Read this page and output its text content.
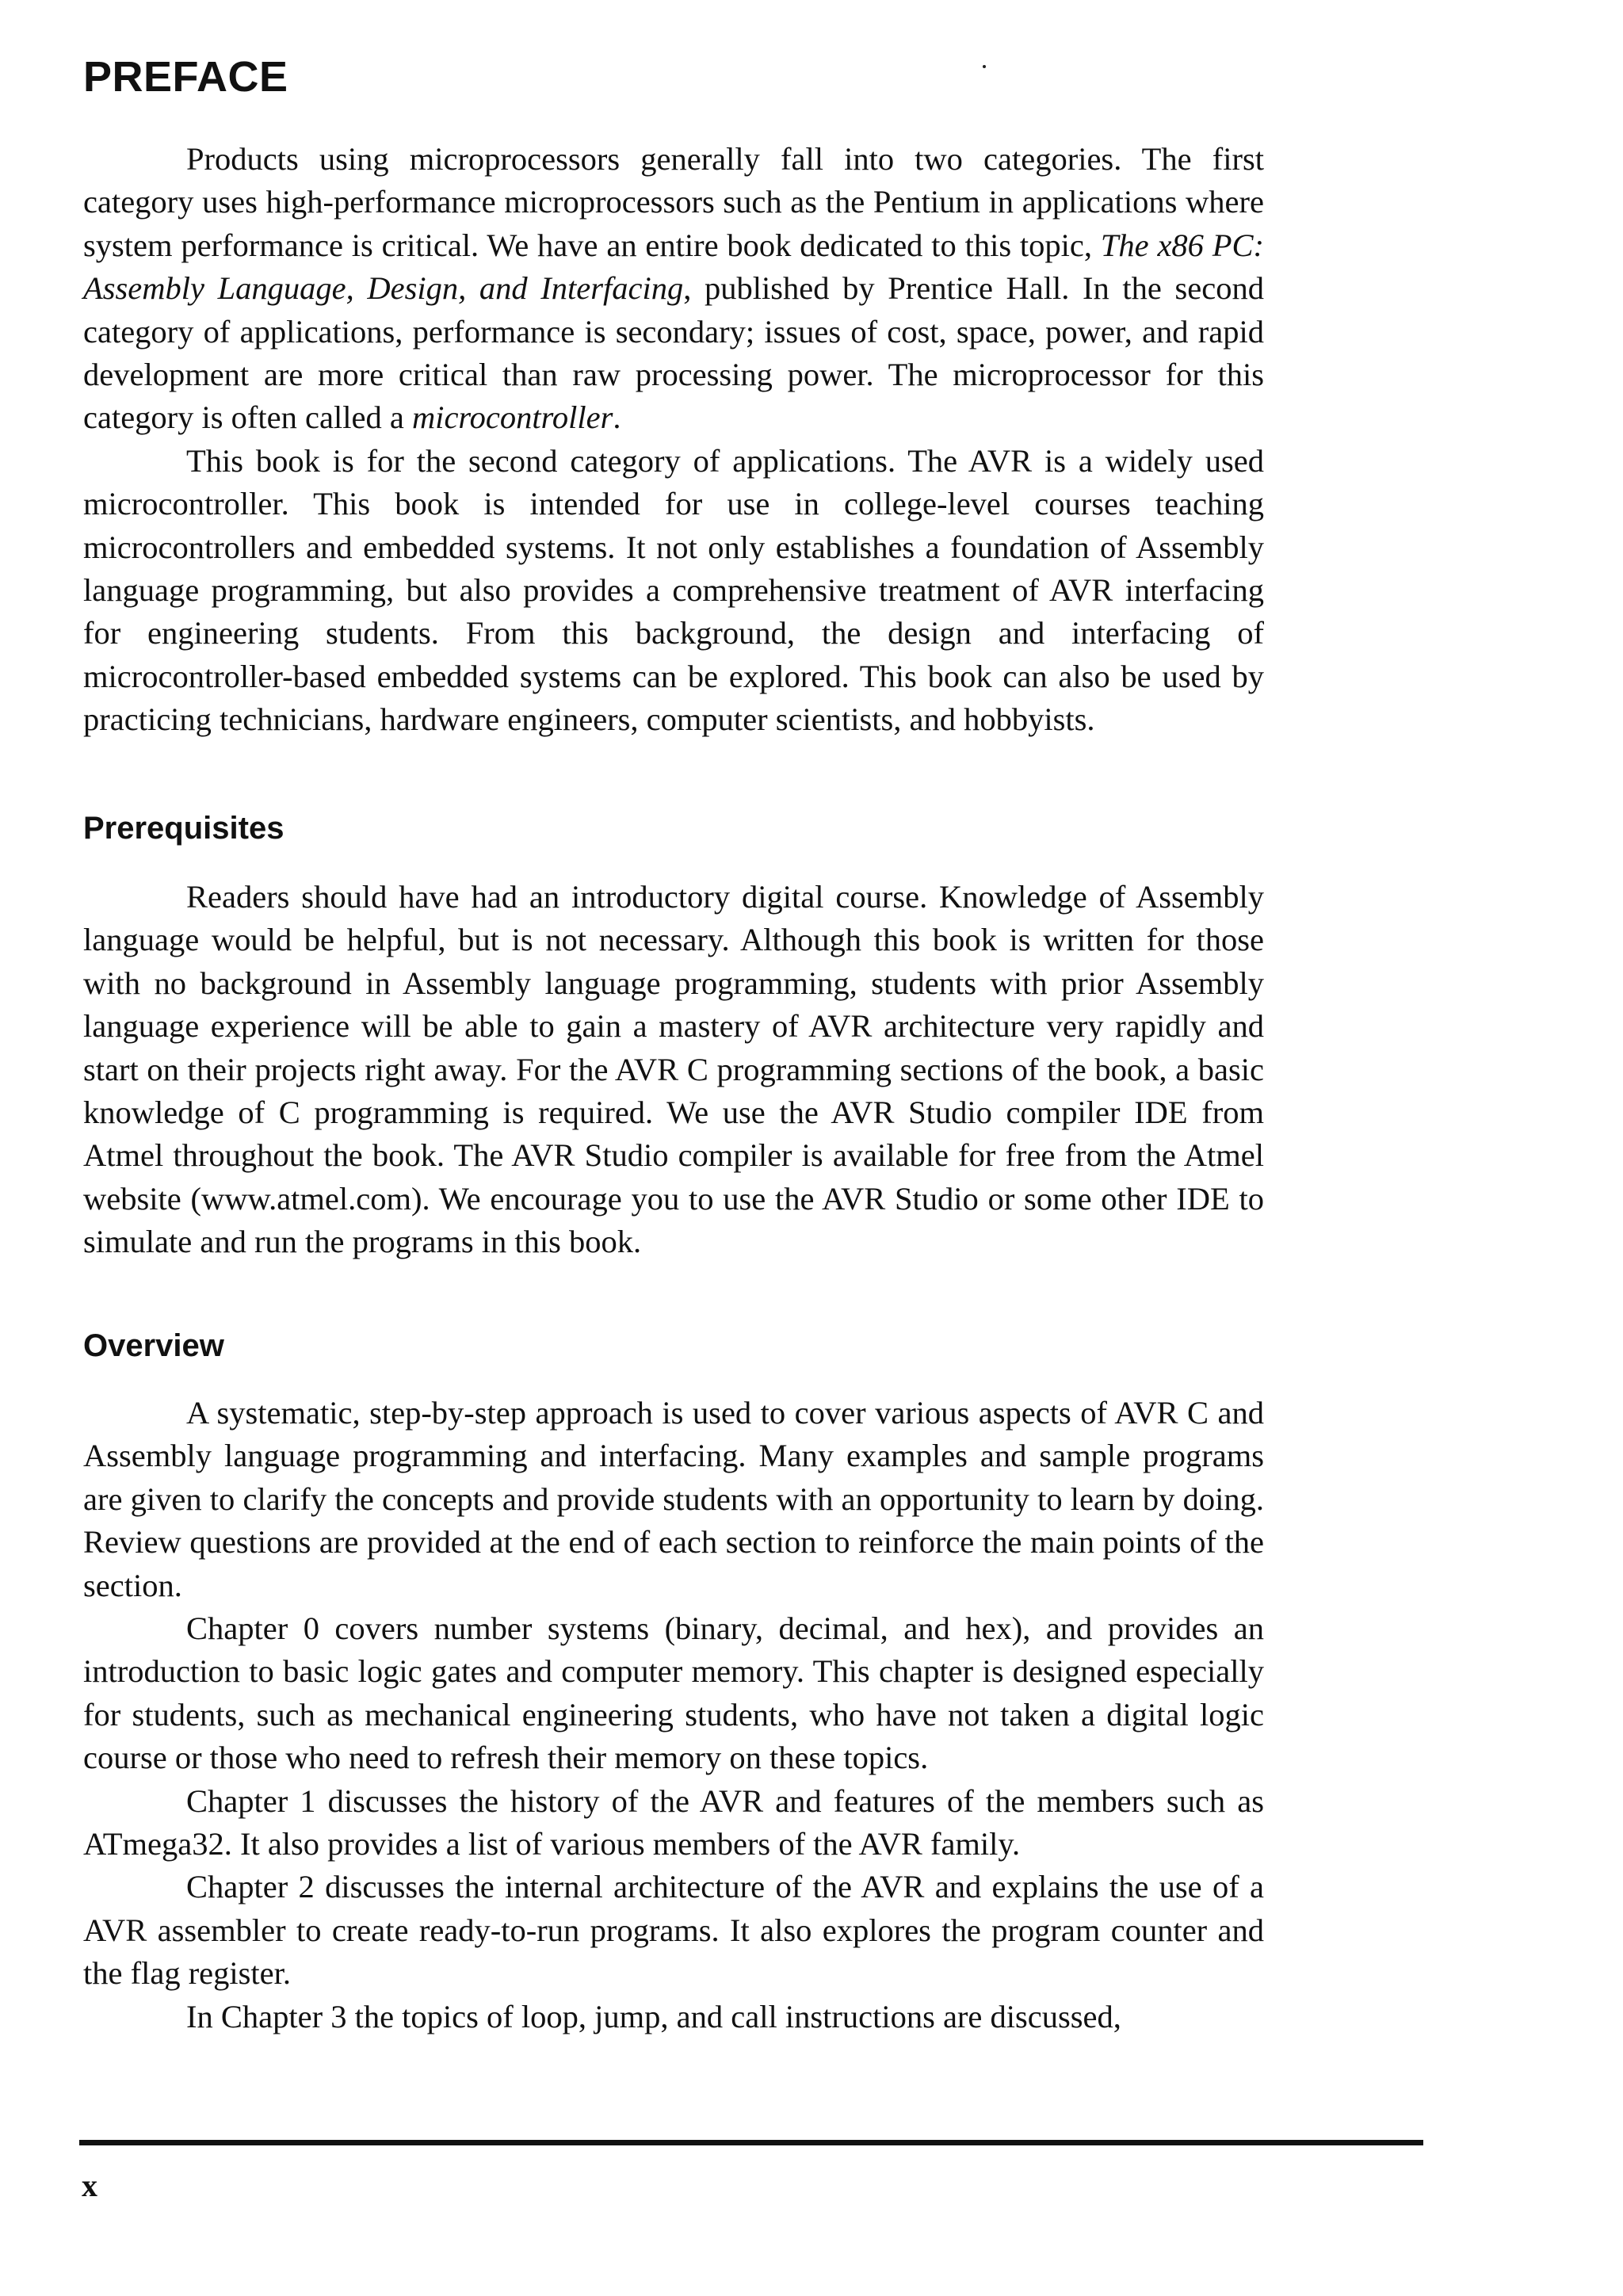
PREFACE

Products using microprocessors generally fall into two categories. The first category uses high-performance microprocessors such as the Pentium in applications where system performance is critical. We have an entire book dedicated to this topic, The x86 PC: Assembly Language, Design, and Interfacing, published by Prentice Hall. In the second category of applications, performance is secondary; issues of cost, space, power, and rapid development are more critical than raw processing power. The microprocessor for this category is often called a microcontroller.

This book is for the second category of applications. The AVR is a widely used microcontroller. This book is intended for use in college-level courses teaching microcontrollers and embedded systems. It not only establishes a foundation of Assembly language programming, but also provides a comprehensive treatment of AVR interfacing for engineering students. From this background, the design and interfacing of microcontroller-based embedded systems can be explored. This book can also be used by practicing technicians, hardware engineers, computer scientists, and hobbyists.

Prerequisites

Readers should have had an introductory digital course. Knowledge of Assembly language would be helpful, but is not necessary. Although this book is written for those with no background in Assembly language programming, students with prior Assembly language experience will be able to gain a mastery of AVR architecture very rapidly and start on their projects right away. For the AVR C programming sections of the book, a basic knowledge of C programming is required. We use the AVR Studio compiler IDE from Atmel throughout the book. The AVR Studio compiler is available for free from the Atmel website (www.atmel.com). We encourage you to use the AVR Studio or some other IDE to simulate and run the programs in this book.

Overview

A systematic, step-by-step approach is used to cover various aspects of AVR C and Assembly language programming and interfacing. Many examples and sample programs are given to clarify the concepts and provide students with an opportunity to learn by doing. Review questions are provided at the end of each section to reinforce the main points of the section.

Chapter 0 covers number systems (binary, decimal, and hex), and provides an introduction to basic logic gates and computer memory. This chapter is designed especially for students, such as mechanical engineering students, who have not taken a digital logic course or those who need to refresh their memory on these topics.

Chapter 1 discusses the history of the AVR and features of the members such as ATmega32. It also provides a list of various members of the AVR family.

Chapter 2 discusses the internal architecture of the AVR and explains the use of a AVR assembler to create ready-to-run programs. It also explores the program counter and the flag register.

In Chapter 3 the topics of loop, jump, and call instructions are discussed,

x
